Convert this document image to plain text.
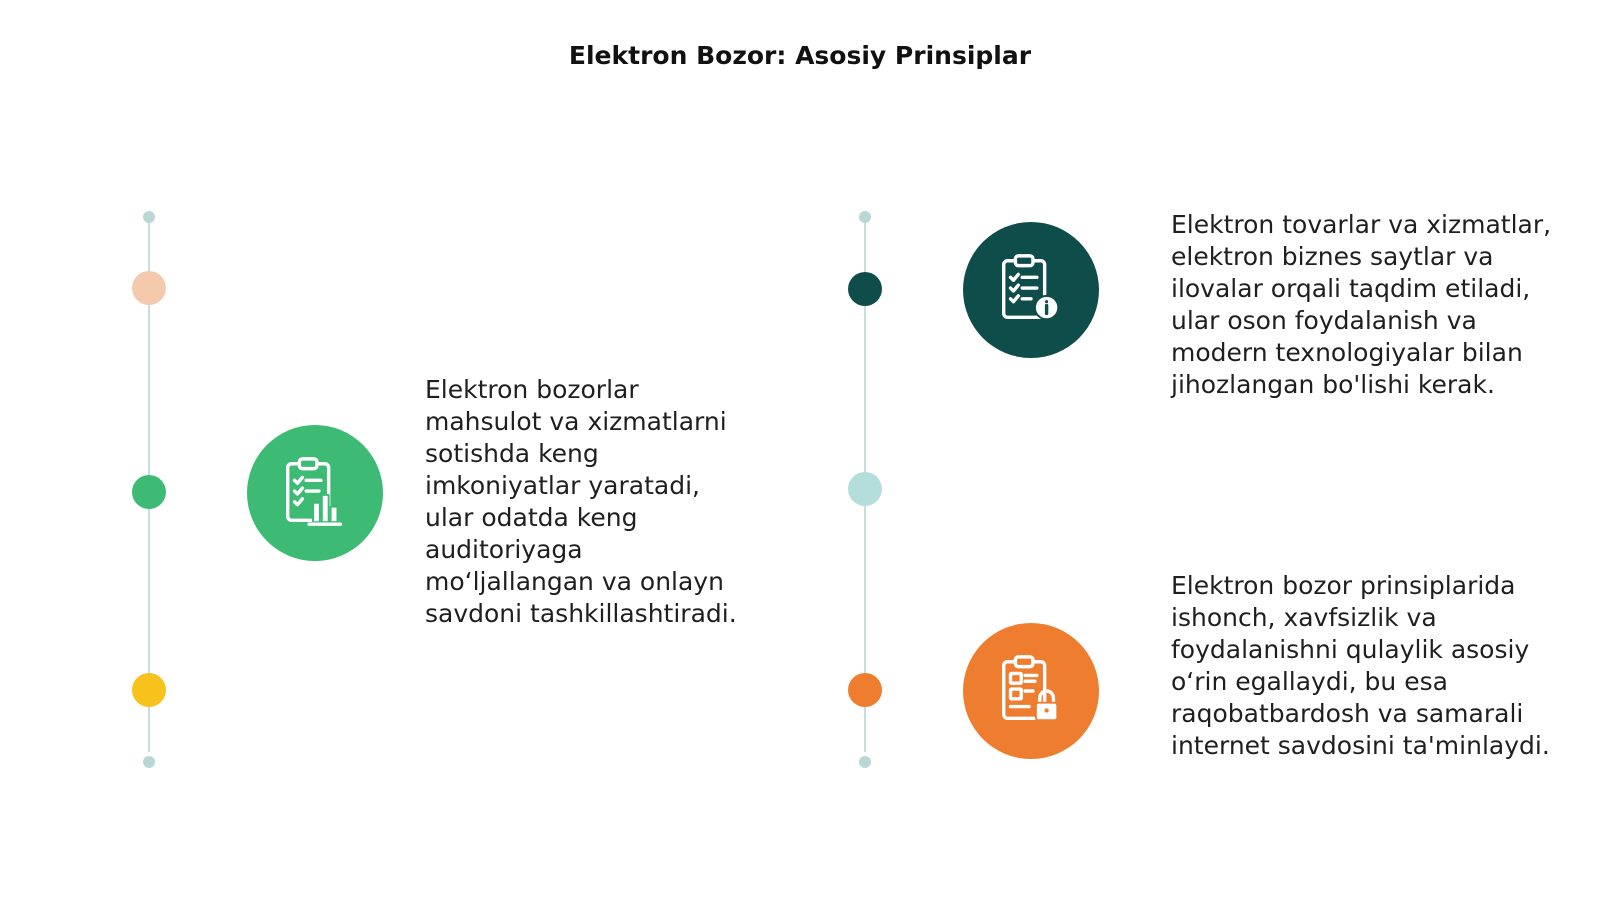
Elektron Bozor: Asosiy Prinsiplar
Elektron bozorlar mahsulot va xizmatlarni sotishda keng imkoniyatlar yaratadi, ular odatda keng auditoriyaga mo‘ljallangan va onlayn savdoni tashkillashtiradi.
Elektron tovarlar va xizmatlar, elektron biznes saytlar va ilovalar orqali taqdim etiladi, ular oson foydalanish va modern texnologiyalar bilan jihozlangan bo'lishi kerak.
Elektron bozor prinsiplarida ishonch, xavfsizlik va foydalanishni qulaylik asosiy o‘rin egallaydi, bu esa raqobatbardosh va samarali internet savdosini ta'minlaydi.
